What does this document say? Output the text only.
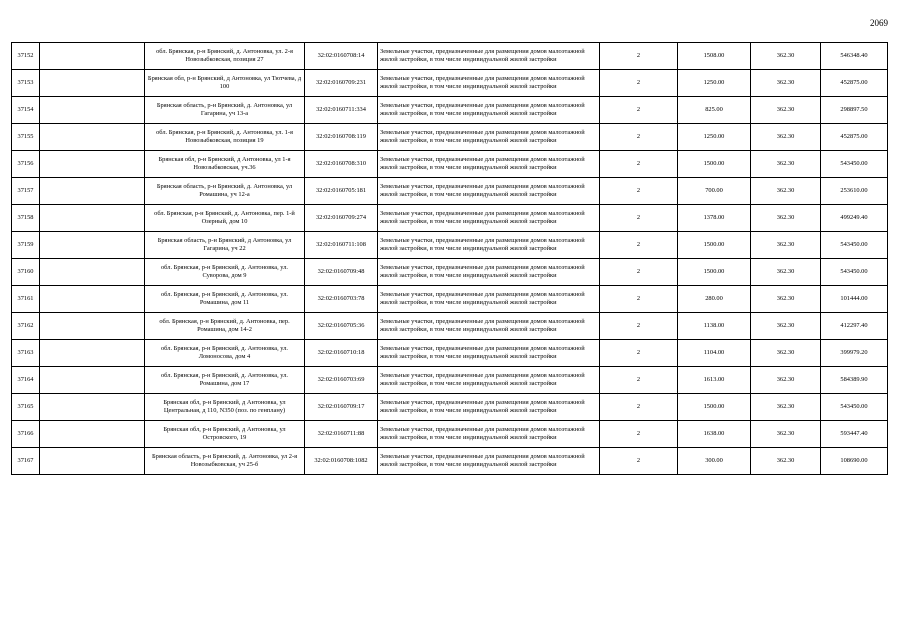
2069
37152		обл. Брянская, р-н Брянский, д. Антоновка, ул. 2-я Новозыбковская, позиция 27	32:02:0160708:14	Земельные участки, предназначенные для размещения домов малоэтажной жилой застройки, в том числе индивидуальной жилой застройки	2	1508.00	362.30	546348.40
37153		Брянская обл, р-н Брянский, д Антоновка, ул Тютчева, д 100	32:02:0160709:231	Земельные участки, предназначенные для размещения домов малоэтажной жилой застройки, в том числе индивидуальной жилой застройки	2	1250.00	362.30	452875.00
37154		Брянская область, р-н Брянский, д. Антоновка, ул Гагарина, уч 13-а	32:02:0160711:334	Земельные участки, предназначенные для размещения домов малоэтажной жилой застройки, в том числе индивидуальной жилой застройки	2	825.00	362.30	298897.50
37155		обл. Брянская, р-н Брянский, д. Антоновка, ул. 1-я Новозыбковская, позиция 19	32:02:0160708:119	Земельные участки, предназначенные для размещения домов малоэтажной жилой застройки, в том числе индивидуальной жилой застройки	2	1250.00	362.30	452875.00
37156		Брянская обл, р-н Брянский, д Антоновка, ул 1-я Новозыбковская, уч.36	32:02:0160708:310	Земельные участки, предназначенные для размещения домов малоэтажной жилой застройки, в том числе индивидуальной жилой застройки	2	1500.00	362.30	543450.00
37157		Брянская область, р-н Брянский, д. Антоновка, ул Ромашина, уч 12-а	32:02:0160705:181	Земельные участки, предназначенные для размещения домов малоэтажной жилой застройки, в том числе индивидуальной жилой застройки	2	700.00	362.30	253610.00
37158		обл. Брянская, р-н Брянский, д. Антоновка, пер. 1-й Озерный, дом 10	32:02:0160709:274	Земельные участки, предназначенные для размещения домов малоэтажной жилой застройки, в том числе индивидуальной жилой застройки	2	1378.00	362.30	499249.40
37159		Брянская область, р-н Брянский, д Антоновка, ул Гагарина, уч 22	32:02:0160711:108	Земельные участки, предназначенные для размещения домов малоэтажной жилой застройки, в том числе индивидуальной жилой застройки	2	1500.00	362.30	543450.00
37160		обл. Брянская, р-н Брянский, д. Антоновка, ул. Суворова, дом 9	32:02:0160709:48	Земельные участки, предназначенные для размещения домов малоэтажной жилой застройки, в том числе индивидуальной жилой застройки	2	1500.00	362.30	543450.00
37161		обл. Брянская, р-н Брянский, д. Антоновка, ул. Ромашина, дом 11	32:02:0160703:78	Земельные участки, предназначенные для размещения домов малоэтажной жилой застройки, в том числе индивидуальной жилой застройки	2	280.00	362.30	101444.00
37162		обл. Брянская, р-н Брянский, д. Антоновка, пер. Ромашина, дом 14-2	32:02:0160705:36	Земельные участки, предназначенные для размещения домов малоэтажной жилой застройки, в том числе индивидуальной жилой застройки	2	1138.00	362.30	412297.40
37163		обл. Брянская, р-н Брянский, д. Антоновка, ул. Ломоносова, дом 4	32:02:0160710:18	Земельные участки, предназначенные для размещения домов малоэтажной жилой застройки, в том числе индивидуальной жилой застройки	2	1104.00	362.30	399979.20
37164		обл. Брянская, р-н Брянский, д. Антоновка, ул. Ромашина, дом 17	32:02:0160703:69	Земельные участки, предназначенные для размещения домов малоэтажной жилой застройки, в том числе индивидуальной жилой застройки	2	1613.00	362.30	584389.90
37165		Брянская обл, р-н Брянский, д Антоновка, ул Центральная, д 110, N350 (поз. по генплану)	32:02:0160709:17	Земельные участки, предназначенные для размещения домов малоэтажной жилой застройки, в том числе индивидуальной жилой застройки	2	1500.00	362.30	543450.00
37166		Брянская обл, р-н Брянский, д Антоновка, ул Островского, 19	32:02:0160711:88	Земельные участки, предназначенные для размещения домов малоэтажной жилой застройки, в том числе индивидуальной жилой застройки	2	1638.00	362.30	593447.40
37167		Брянская область, р-н Брянский, д. Антоновка, ул 2-я Новозыбковская, уч 25-б	32:02:0160708:1082	Земельные участки, предназначенные для размещения домов малоэтажной жилой застройки, в том числе индивидуальной жилой застройки	2	300.00	362.30	108690.00
